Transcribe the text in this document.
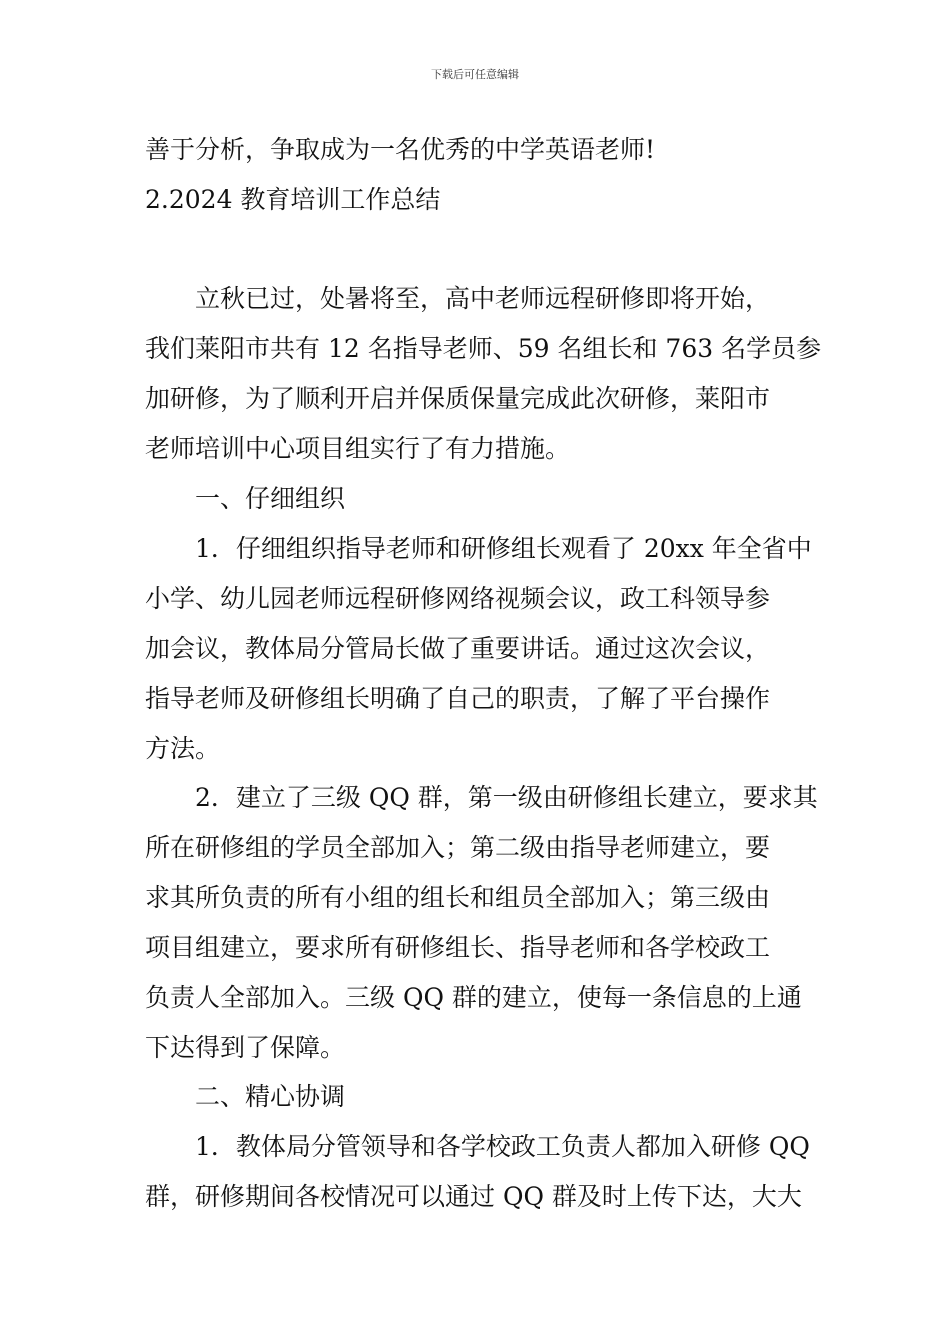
下载后可任意编辑
善于分析，争取成为一名优秀的中学英语老师!
2.2024 教育培训工作总结
　　立秋已过，处暑将至，高中老师远程研修即将开始，
我们莱阳市共有 12 名指导老师、59 名组长和 763 名学员参
加研修，为了顺利开启并保质保量完成此次研修，莱阳市
老师培训中心项目组实行了有力措施。
　　一、仔细组织
　　1．仔细组织指导老师和研修组长观看了 20xx 年全省中
小学、幼儿园老师远程研修网络视频会议，政工科领导参
加会议，教体局分管局长做了重要讲话。通过这次会议，
指导老师及研修组长明确了自己的职责，了解了平台操作
方法。
　　2．建立了三级 QQ 群，第一级由研修组长建立，要求其
所在研修组的学员全部加入；第二级由指导老师建立，要
求其所负责的所有小组的组长和组员全部加入；第三级由
项目组建立，要求所有研修组长、指导老师和各学校政工
负责人全部加入。三级 QQ 群的建立，使每一条信息的上通
下达得到了保障。
　　二、精心协调
　　1．教体局分管领导和各学校政工负责人都加入研修 QQ
群，研修期间各校情况可以通过 QQ 群及时上传下达，大大
